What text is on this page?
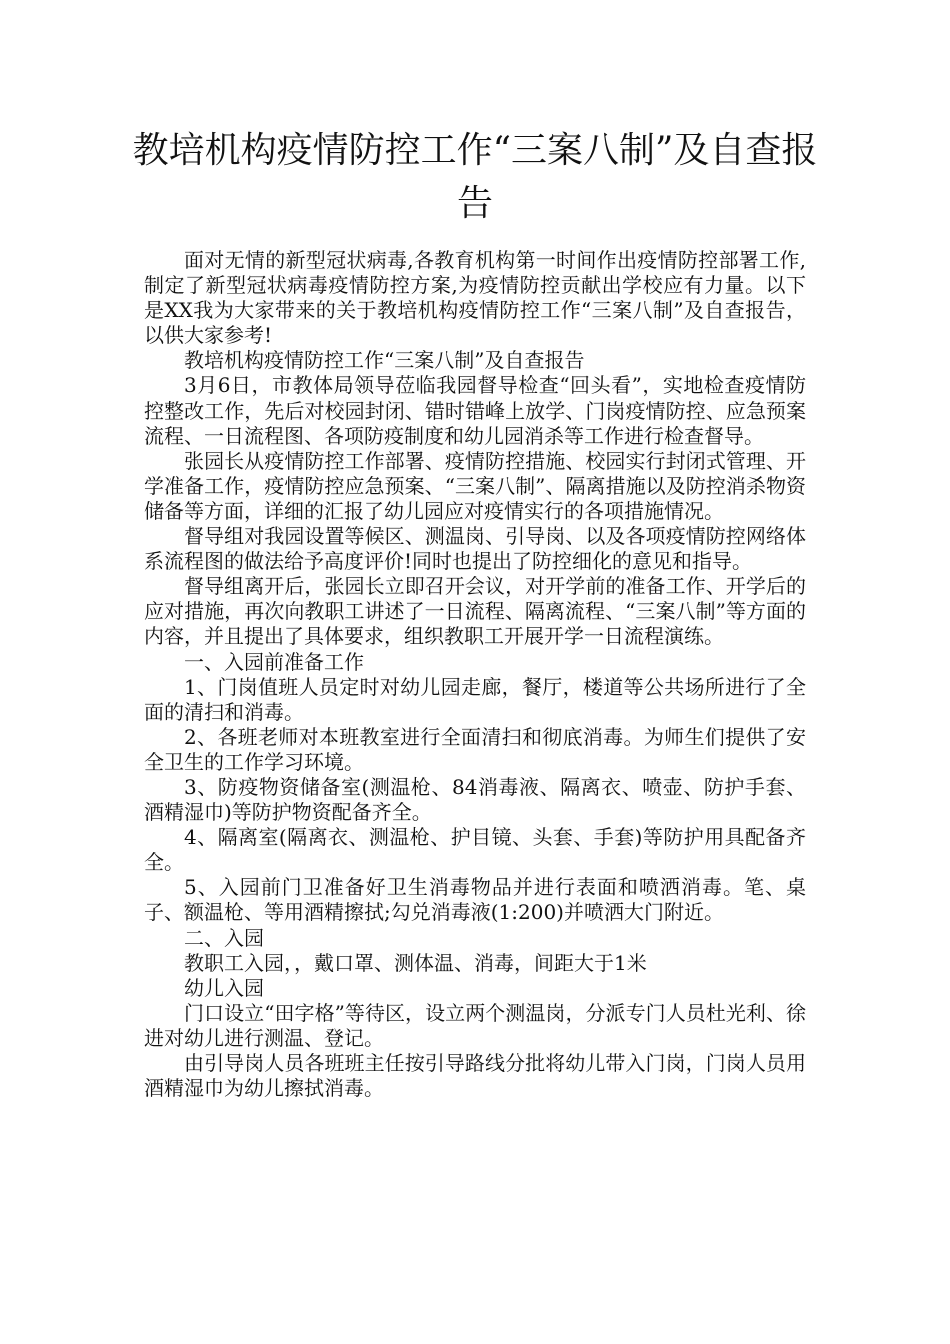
教培机构疫情防控工作“三案八制”及自查报告

面对无情的新型冠状病毒,各教育机构第一时间作出疫情防控部署工作,制定了新型冠状病毒疫情防控方案,为疫情防控贡献出学校应有力量。以下是XX我为大家带来的关于教培机构疫情防控工作“三案八制”及自查报告，以供大家参考!

教培机构疫情防控工作“三案八制”及自查报告

3月6日，市教体局领导莅临我园督导检查“回头看”，实地检查疫情防控整改工作，先后对校园封闭、错时错峰上放学、门岗疫情防控、应急预案流程、一日流程图、各项防疫制度和幼儿园消杀等工作进行检查督导。

张园长从疫情防控工作部署、疫情防控措施、校园实行封闭式管理、开学准备工作，疫情防控应急预案、“三案八制”、隔离措施以及防控消杀物资储备等方面，详细的汇报了幼儿园应对疫情实行的各项措施情况。

督导组对我园设置等候区、测温岗、引导岗、以及各项疫情防控网络体系流程图的做法给予高度评价!同时也提出了防控细化的意见和指导。

督导组离开后，张园长立即召开会议，对开学前的准备工作、开学后的应对措施，再次向教职工讲述了一日流程、隔离流程、“三案八制”等方面的内容，并且提出了具体要求，组织教职工开展开学一日流程演练。

一、入园前准备工作

1、门岗值班人员定时对幼儿园走廊，餐厅，楼道等公共场所进行了全面的清扫和消毒。

2、各班老师对本班教室进行全面清扫和彻底消毒。为师生们提供了安全卫生的工作学习环境。

3、防疫物资储备室(测温枪、84消毒液、隔离衣、喷壶、防护手套、酒精湿巾)等防护物资配备齐全。

4、隔离室(隔离衣、测温枪、护目镜、头套、手套)等防护用具配备齐全。

5、入园前门卫准备好卫生消毒物品并进行表面和喷洒消毒。笔、桌子、额温枪、等用酒精擦拭;勾兑消毒液(1:200)并喷洒大门附近。

二、入园

教职工入园，，戴口罩、测体温、消毒，间距大于1米

幼儿入园

门口设立“田字格”等待区，设立两个测温岗，分派专门人员杜光利、徐进对幼儿进行测温、登记。

由引导岗人员各班班主任按引导路线分批将幼儿带入门岗，门岗人员用酒精湿巾为幼儿擦拭消毒。
